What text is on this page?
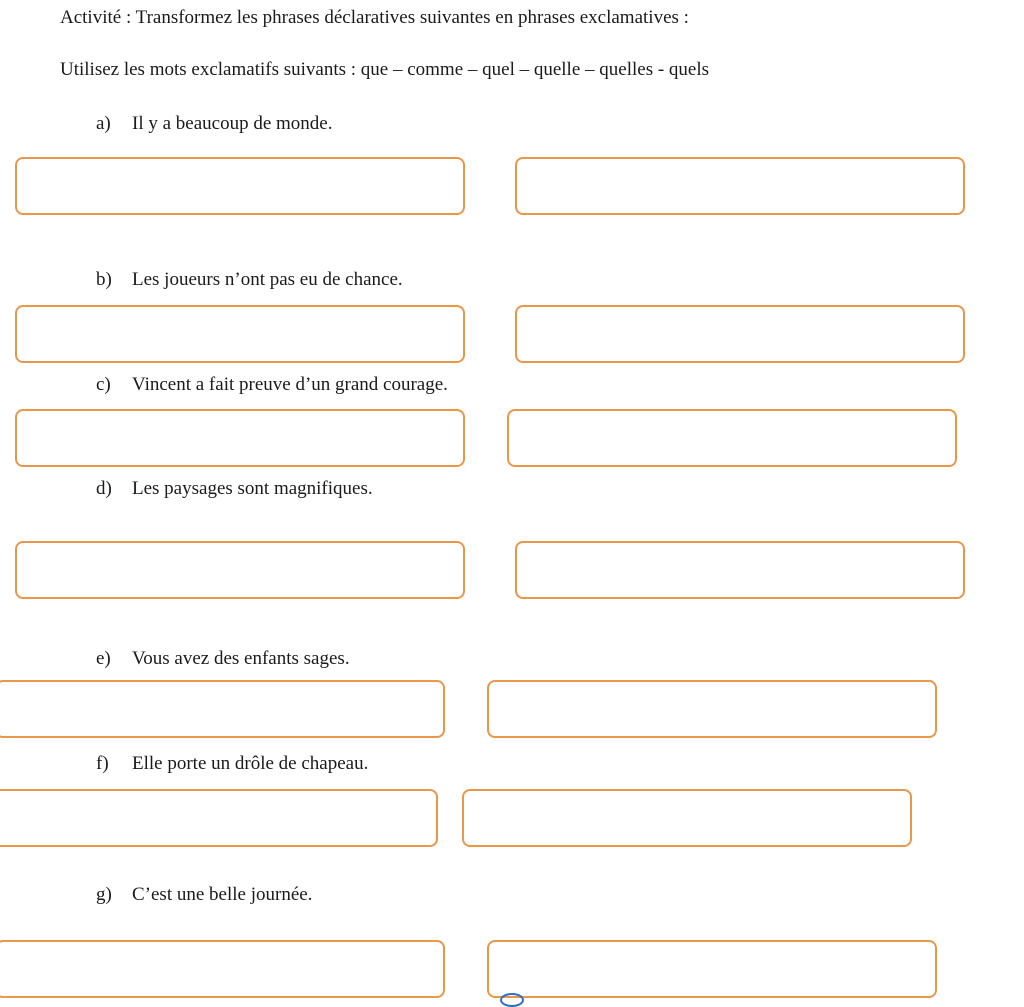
Activité : Transformez les phrases déclaratives suivantes en phrases exclamatives :
Utilisez les mots exclamatifs suivants : que – comme – quel – quelle – quelles - quels
a) Il y a beaucoup de monde.
b) Les joueurs n’ont pas eu de chance.
c) Vincent a fait preuve d’un grand courage.
d) Les paysages sont magnifiques.
e) Vous avez des enfants sages.
f) Elle porte un drôle de chapeau.
g) C’est une belle journée.
